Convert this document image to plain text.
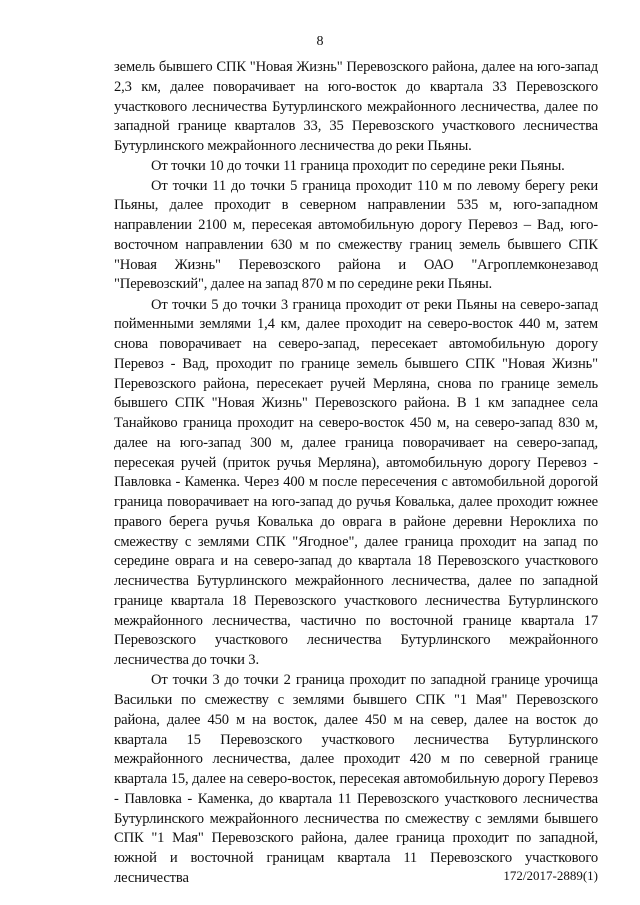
8

земель бывшего СПК "Новая Жизнь" Перевозского района, далее на юго-запад 2,3 км, далее поворачивает на юго-восток до квартала 33 Перевозского участкового лесничества Бутурлинского межрайонного лесничества, далее по западной границе кварталов 33, 35 Перевозского участкового лесничества Бутурлинского межрайонного лесничества до реки Пьяны.

От точки 10 до точки 11 граница проходит по середине реки Пьяны.

От точки 11 до точки 5 граница проходит 110 м по левому берегу реки Пьяны, далее проходит в северном направлении 535 м, юго-западном направлении 2100 м, пересекая автомобильную дорогу Перевоз – Вад, юго-восточном направлении 630 м по смежеству границ земель бывшего СПК "Новая Жизнь" Перевозского района и ОАО "Агроплемконезавод "Перевозский", далее на запад 870 м по середине реки Пьяны.

От точки 5 до точки 3 граница проходит от реки Пьяны на северо-запад пойменными землями 1,4 км, далее проходит на северо-восток 440 м, затем снова поворачивает на северо-запад, пересекает автомобильную дорогу Перевоз - Вад, проходит по границе земель бывшего СПК "Новая Жизнь" Перевозского района, пересекает ручей Мерляна, снова по границе земель бывшего СПК "Новая Жизнь" Перевозского района. В 1 км западнее села Танайково граница проходит на северо-восток 450 м, на северо-запад 830 м, далее на юго-запад 300 м, далее граница поворачивает на северо-запад, пересекая ручей (приток ручья Мерляна), автомобильную дорогу Перевоз - Павловка - Каменка. Через 400 м после пересечения с автомобильной дорогой граница поворачивает на юго-запад до ручья Ковалька, далее проходит южнее правого берега ручья Ковалька до оврага в районе деревни Нероклиха по смежеству с землями СПК "Ягодное", далее граница проходит на запад по середине оврага и на северо-запад до квартала 18 Перевозского участкового лесничества Бутурлинского межрайонного лесничества, далее по западной границе квартала 18 Перевозского участкового лесничества Бутурлинского межрайонного лесничества, частично по восточной границе квартала 17 Перевозского участкового лесничества Бутурлинского межрайонного лесничества до точки 3.

От точки 3 до точки 2 граница проходит по западной границе урочища Васильки по смежеству с землями бывшего СПК "1 Мая" Перевозского района, далее 450 м на восток, далее 450 м на север, далее на восток до квартала 15 Перевозского участкового лесничества Бутурлинского межрайонного лесничества, далее проходит 420 м по северной границе квартала 15, далее на северо-восток, пересекая автомобильную дорогу Перевоз - Павловка - Каменка, до квартала 11 Перевозского участкового лесничества Бутурлинского межрайонного лесничества по смежеству с землями бывшего СПК "1 Мая" Перевозского района, далее граница проходит по западной, южной и восточной границам квартала 11 Перевозского участкового лесничества	172/2017-2889(1)
